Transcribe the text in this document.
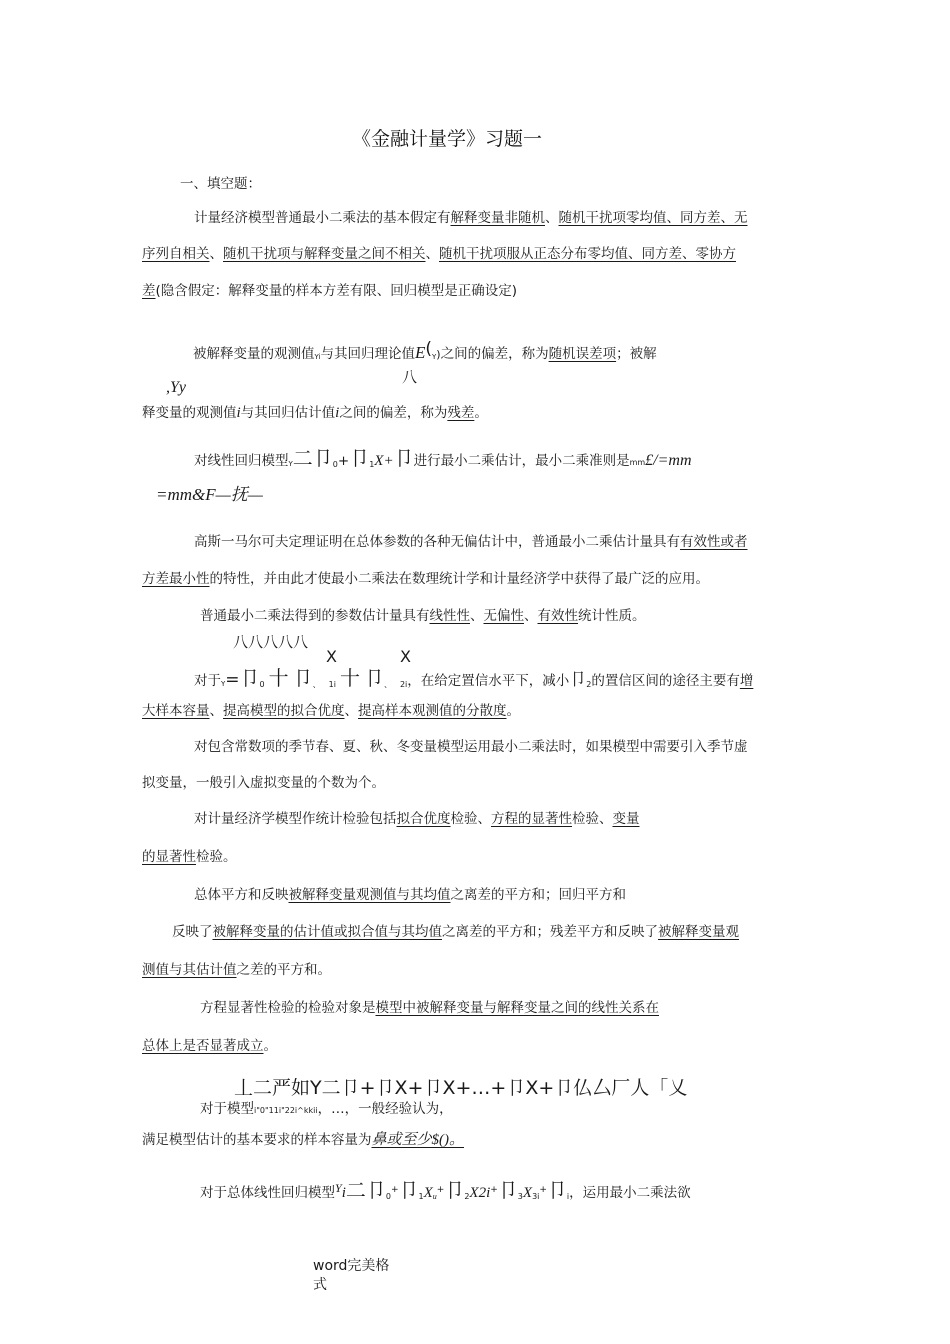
《金融计量学》习题一
一、填空题：
计量经济模型普通最小二乘法的基本假定有解释变量非随机、随机干扰项零均值、同方差、无
序列自相关、随机干扰项与解释变量之间不相关、随机干扰项服从正态分布零均值、同方差、零协方
差(隐含假定：解释变量的样本方差有限、回归模型是正确设定)
被解释变量的观测值Yi与其回归理论值E(Y)之间的偏差，称为随机误差项；被解
八
,Yy
释变量的观测值i与其回归估计值i之间的偏差，称为残差。
对线性回归模型Y二卩$_0$+卩$_1$X+卩进行最小二乘估计，最小二乘准则是mm£/=mm
=mm&F—抚—
高斯一马尔可夫定理证明在总体参数的各种无偏估计中，普通最小二乘估计量具有有效性或者
方差最小性的特性，并由此才使最小二乘法在数理统计学和计量经济学中获得了最广泛的应用。
普通最小二乘法得到的参数估计量具有线性性、无偏性、有效性统计性质。
八八八八八
X	X
对于Y=卩$_0$ 十 卩$_、$ $_{1i}$ 十 卩$_、$ $_{2i}$，在给定置信水平下，减小卩$_2$的置信区间的途径主要有增
大样本容量、提高模型的拟合优度、提高样本观测值的分散度。
对包含常数项的季节春、夏、秋、冬变量模型运用最小二乘法时，如果模型中需要引入季节虚
拟变量，一般引入虚拟变量的个数为个。
对计量经济学模型作统计检验包括拟合优度检验、方程的显著性检验、变量
的显著性检验。
总体平方和反映被解释变量观测值与其均值之离差的平方和；回归平方和
反映了被解释变量的估计值或拟合值与其均值之离差的平方和；残差平方和反映了被解释变量观
测值与其估计值之差的平方和。
方程显著性检验的检验对象是模型中被解释变量与解释变量之间的线性关系在
总体上是否显著成立。
丄二严如Y二卩+卩X+卩X+…+卩X+卩仏厶厂人「乂
对于模型i"0"11i"22i^kkii，…，一般经验认为，
满足模型估计的基本要求的样本容量为鼻或至少$()。
对于总体线性回归模型Yi二卩$_0$+卩$_1X_u^+$卩$_2$X2i+卩$_3X_{3i}^+$卩$_i$，运用最小二乘法欲
word完美格
式
